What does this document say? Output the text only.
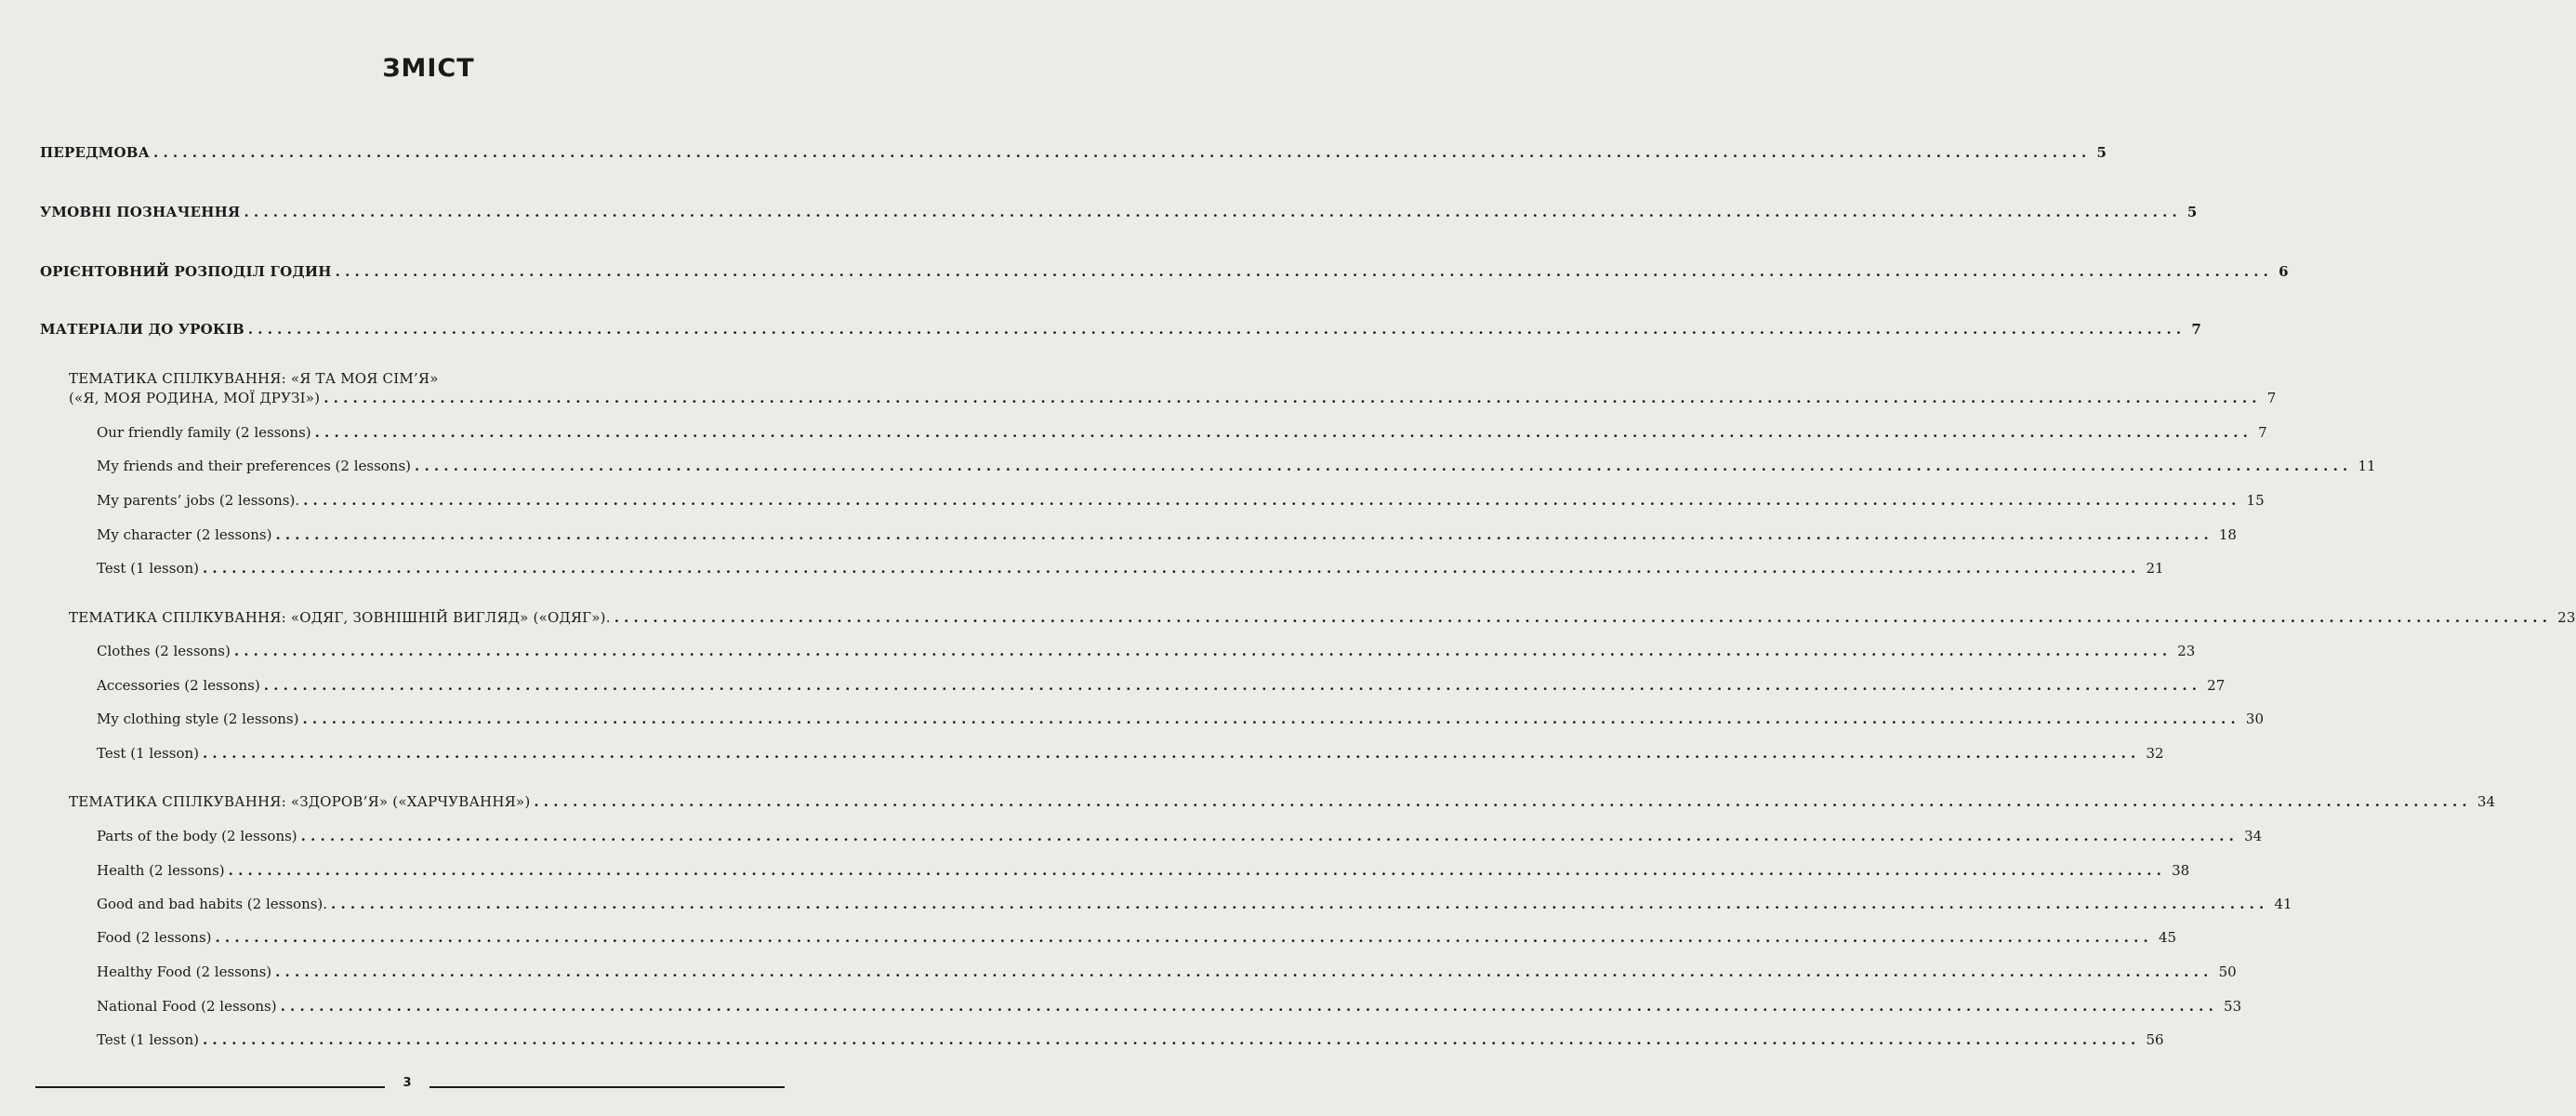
ЗМІСТ
ПЕРЕДМОВА ........................................................................................................................................................................................................ 5
УМОВНІ ПОЗНАЧЕННЯ ........................................................................................................................................................................................................ 5
ОРІЄНТОВНИЙ РОЗПОДІЛ ГОДИН ........................................................................................................................................................................................................ 6
МАТЕРІАЛИ ДО УРОКІВ ........................................................................................................................................................................................................ 7
ТЕМАТИКА СПІЛКУВАННЯ: «Я ТА МОЯ СІМ’Я»
(«Я, МОЯ РОДИНА, МОЇ ДРУЗІ») ........................................................................................................................................................................................................ 7
Our friendly family (2 lessons) ........................................................................................................................................................................................................ 7
My friends and their preferences (2 lessons) ........................................................................................................................................................................................................ 11
My parents’ jobs (2 lessons). ........................................................................................................................................................................................................ 15
My character (2 lessons) ........................................................................................................................................................................................................ 18
Test (1 lesson) ........................................................................................................................................................................................................ 21
ТЕМАТИКА СПІЛКУВАННЯ: «ОДЯГ, ЗОВНІШНІЙ ВИГЛЯД» («ОДЯГ»). ........................................................................................................................................................................................................ 23
Clothes (2 lessons) ........................................................................................................................................................................................................ 23
Accessories (2 lessons) ........................................................................................................................................................................................................ 27
My clothing style (2 lessons) ........................................................................................................................................................................................................ 30
Test (1 lesson) ........................................................................................................................................................................................................ 32
ТЕМАТИКА СПІЛКУВАННЯ: «ЗДОРОВ’Я» («ХАРЧУВАННЯ») ........................................................................................................................................................................................................ 34
Parts of the body (2 lessons) ........................................................................................................................................................................................................ 34
Health (2 lessons) ........................................................................................................................................................................................................ 38
Good and bad habits (2 lessons). ........................................................................................................................................................................................................ 41
Food (2 lessons) ........................................................................................................................................................................................................ 45
Healthy Food (2 lessons) ........................................................................................................................................................................................................ 50
National Food (2 lessons) ........................................................................................................................................................................................................ 53
Test (1 lesson) ........................................................................................................................................................................................................ 56
3
